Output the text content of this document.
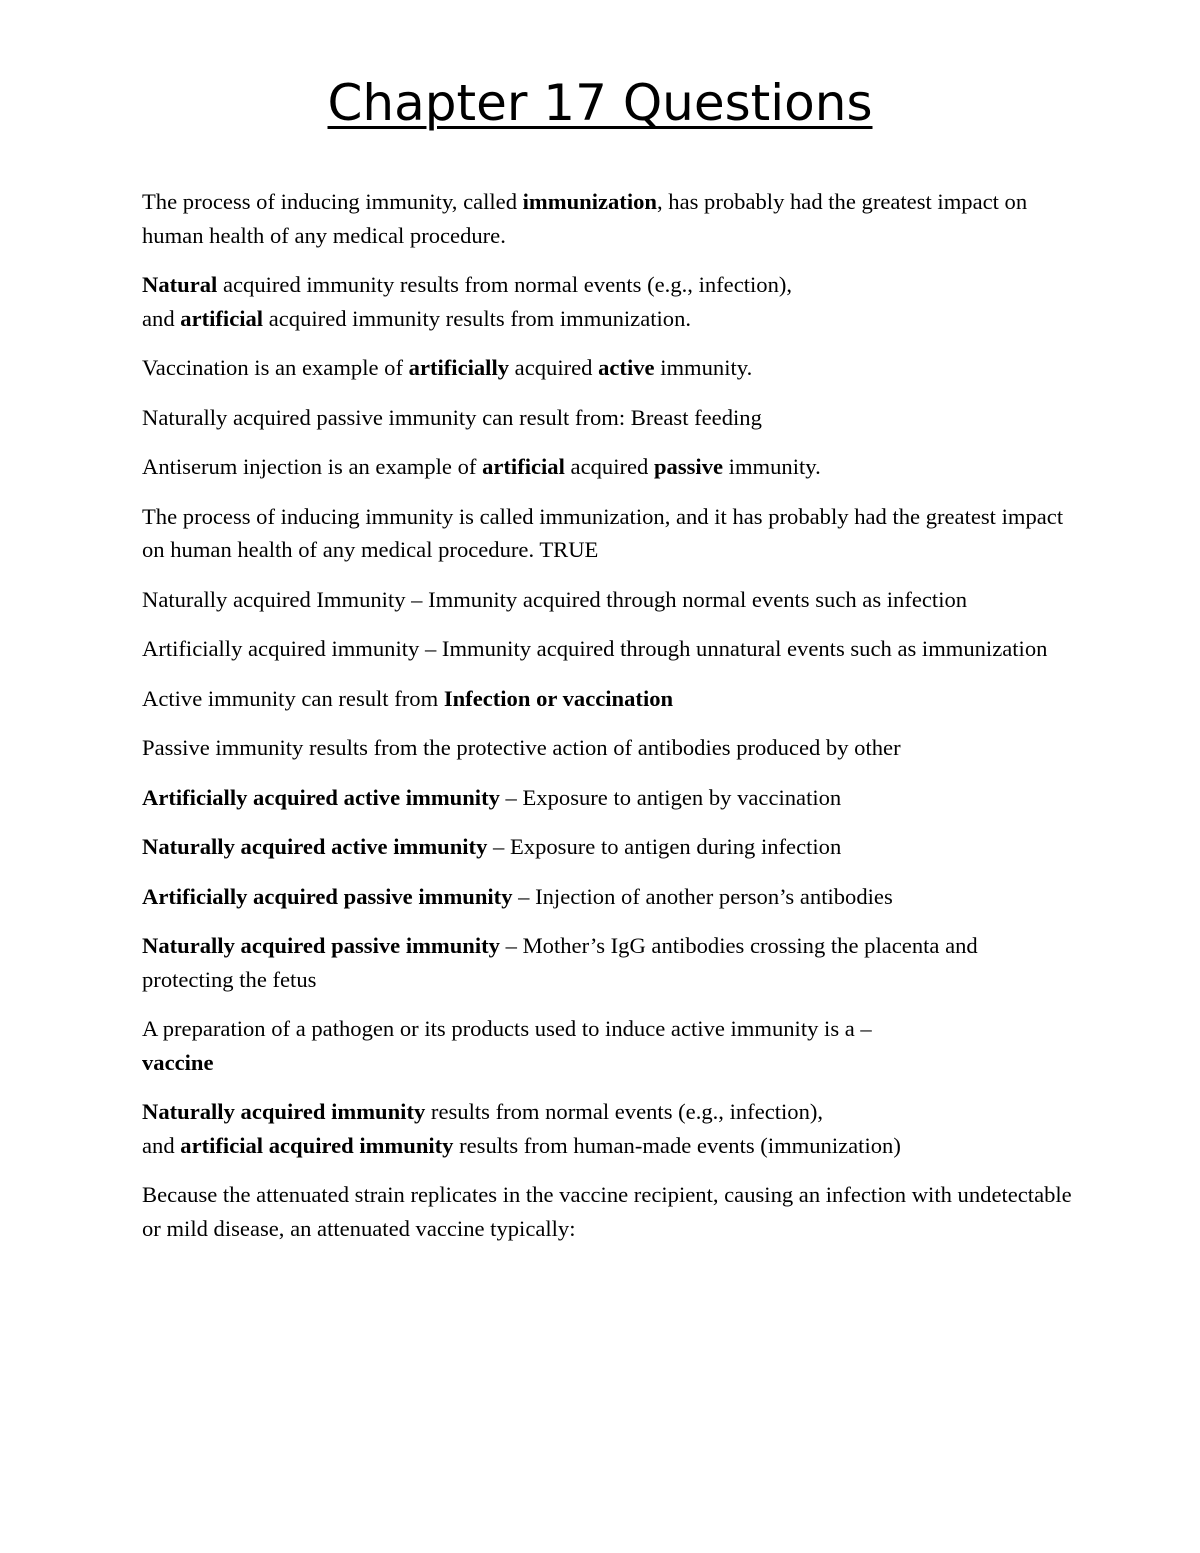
Chapter 17 Questions

The process of inducing immunity, called immunization, has probably had the greatest impact on human health of any medical procedure.

Natural acquired immunity results from normal events (e.g., infection),
and artificial acquired immunity results from immunization.

Vaccination is an example of artificially acquired active immunity.

Naturally acquired passive immunity can result from: Breast feeding

Antiserum injection is an example of artificial acquired passive immunity.

The process of inducing immunity is called immunization, and it has probably had the greatest impact on human health of any medical procedure. TRUE

Naturally acquired Immunity – Immunity acquired through normal events such as infection

Artificially acquired immunity – Immunity acquired through unnatural events such as immunization

Active immunity can result from Infection or vaccination

Passive immunity results from the protective action of antibodies produced by other

Artificially acquired active immunity – Exposure to antigen by vaccination

Naturally acquired active immunity – Exposure to antigen during infection

Artificially acquired passive immunity – Injection of another person’s antibodies

Naturally acquired passive immunity – Mother’s IgG antibodies crossing the placenta and protecting the fetus

A preparation of a pathogen or its products used to induce active immunity is a –
vaccine

Naturally acquired immunity results from normal events (e.g., infection),
and artificial acquired immunity results from human-made events (immunization)

Because the attenuated strain replicates in the vaccine recipient, causing an infection with undetectable or mild disease, an attenuated vaccine typically:
